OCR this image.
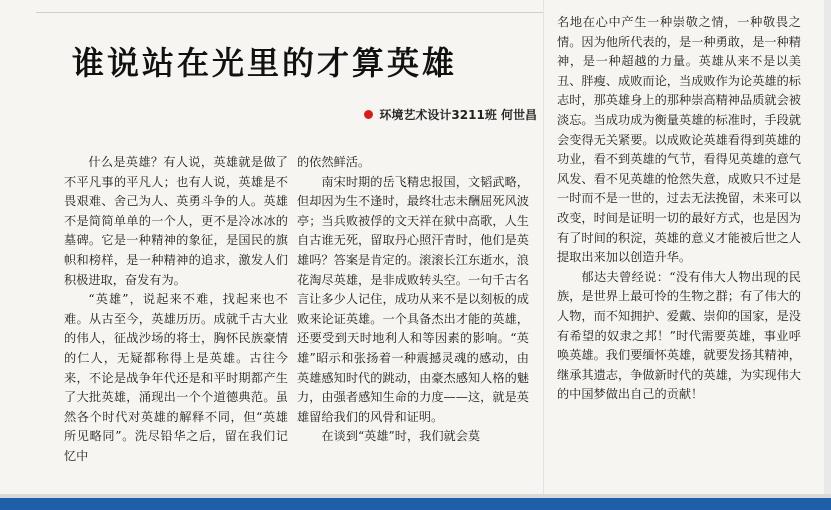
谁说站在光里的才算英雄
环境艺术设计3211班 何世昌

什么是英雄？有人说，英雄就是做了不平凡事的平凡人；也有人说，英雄是不畏艰难、舍己为人、英勇斗争的人。英雄不是简简单单的一个人，更不是冷冰冰的墓碑。它是一种精神的象征，是国民的旗帜和榜样，是一种精神的追求，激发人们积极进取，奋发有为。

“英雄”，说起来不难，找起来也不难。从古至今，英雄历历。成就千古大业的伟人，征战沙场的将士，胸怀民族豪情的仁人，无疑都称得上是英雄。古往今来，不论是战争年代还是和平时期都产生了大批英雄，涌现出一个个道德典范。虽然各个时代对英雄的解释不同，但“英雄所见略同”。洗尽铅华之后，留在我们记忆中

的依然鲜活。

南宋时期的岳飞精忠报国，文韬武略，但却因为生不逢时，最终壮志未酬屈死风波亭；当兵败被俘的文天祥在狱中高歌，人生自古谁无死，留取丹心照汗青时，他们是英雄吗？答案是肯定的。滚滚长江东逝水，浪花淘尽英雄，是非成败转头空。一句千古名言让多少人记住，成功从来不是以刻板的成败来论证英雄。一个具备杰出才能的英雄，还要受到天时地利人和等因素的影响。“英雄”昭示和张扬着一种震撼灵魂的感动，由英雄感知时代的跳动，由豪杰感知人格的魅力，由强者感知生命的力度——这，就是英雄留给我们的风骨和证明。

在谈到“英雄”时，我们就会莫

名地在心中产生一种崇敬之情，一种敬畏之情。因为他所代表的，是一种勇敢，是一种精神，是一种超越的力量。英雄从来不是以美丑、胖瘦、成败而论，当成败作为论英雄的标志时，那英雄身上的那种崇高精神品质就会被淡忘。当成功成为衡量英雄的标准时，手段就会变得无关紧要。以成败论英雄看得到英雄的功业，看不到英雄的气节，看得见英雄的意气风发、看不见英雄的怆然失意，成败只不过是一时而不是一世的，过去无法挽留，未来可以改变，时间是证明一切的最好方式，也是因为有了时间的积淀，英雄的意义才能被后世之人提取出来加以创造升华。

郁达夫曾经说：“没有伟大人物出现的民族，是世界上最可怜的生物之群；有了伟大的人物，而不知拥护、爱戴、崇仰的国家，是没有希望的奴隶之邦！”时代需要英雄，事业呼唤英雄。我们要缅怀英雄，就要发扬其精神，继承其遗志，争做新时代的英雄，为实现伟大的中国梦做出自己的贡献！
